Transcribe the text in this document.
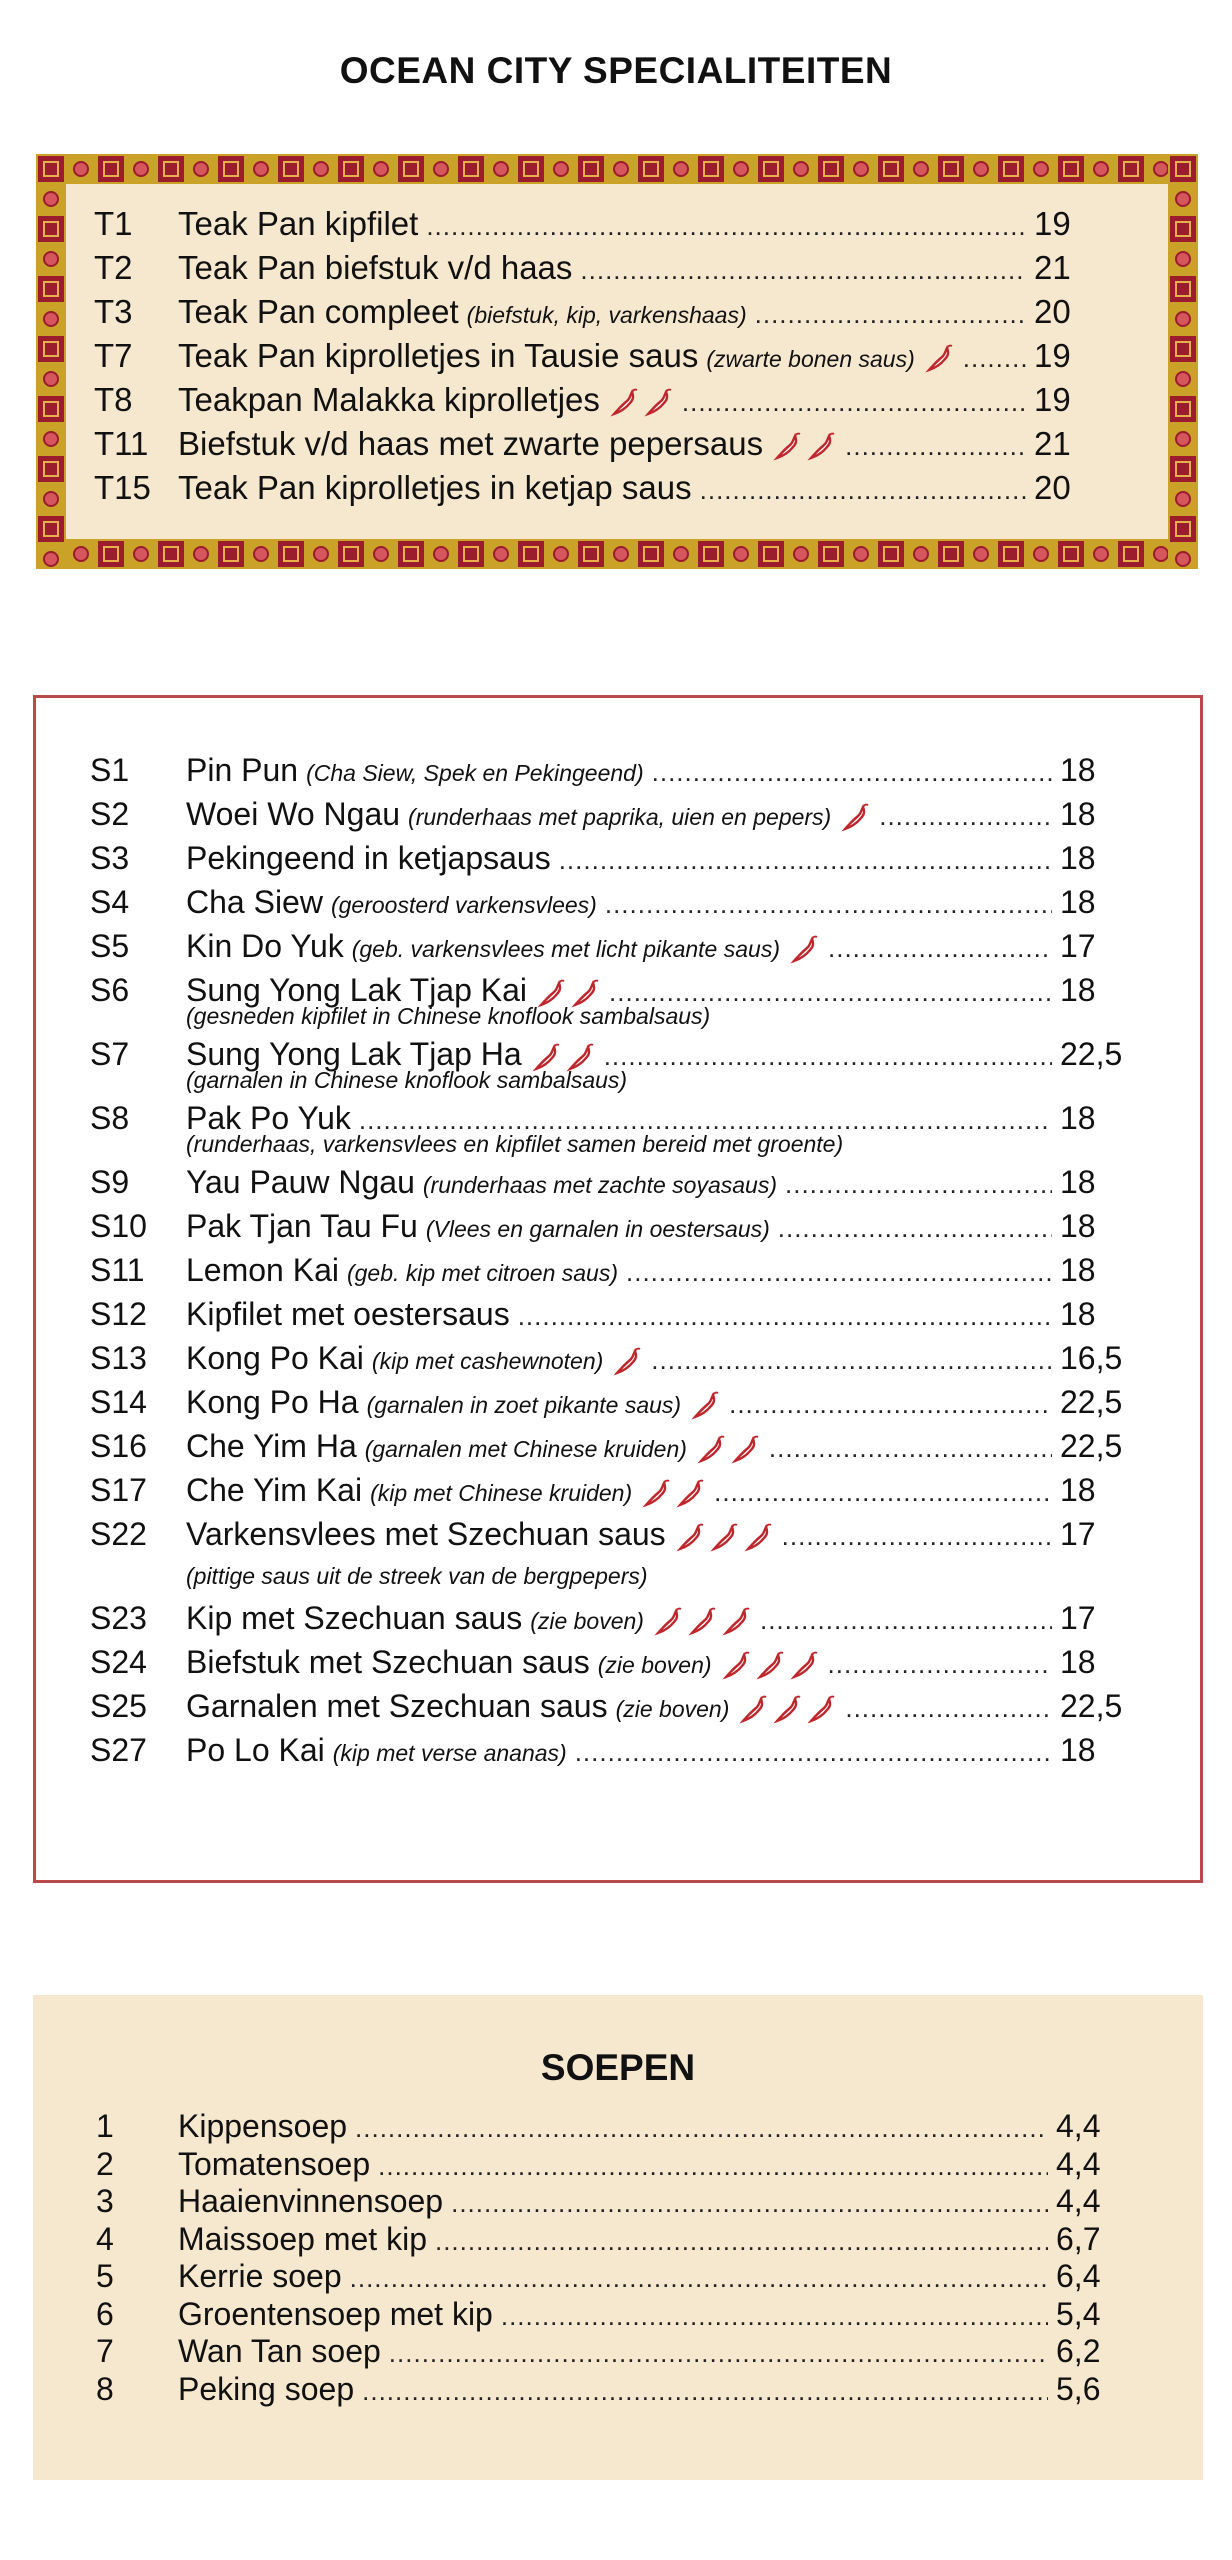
OCEAN CITY SPECIALITEITEN
T1	Teak Pan kipfilet .....	19
T2	Teak Pan biefstuk v/d haas .....	21
T3	Teak Pan compleet (biefstuk, kip, varkenshaas) .....	20
T7	Teak Pan kiprolletjes in Tausie saus (zwarte bonen saus) .....	19
T8	Teakpan Malakka kiprolletjes .....	19
T11 Biefstuk v/d haas met zwarte pepersaus .....	21
T15 Teak Pan kiprolletjes in ketjap saus .....	20
S1	Pin Pun (Cha Siew, Spek en Pekingeend) .....	18
S2	Woei Wo Ngau (runderhaas met paprika, uien en pepers) .....	18
S3	Pekingeend in ketjapsaus .....	18
S4	Cha Siew (geroosterd varkensvlees) .....	18
S5	Kin Do Yuk (geb. varkensvlees met licht pikante saus) .....	17
S6	Sung Yong Lak Tjap Kai .....	18
(gesneden kipfilet in Chinese knoflook sambalsaus)
S7	Sung Yong Lak Tjap Ha .....	22,5
(garnalen in Chinese knoflook sambalsaus)
S8	Pak Po Yuk .....	18
(runderhaas, varkensvlees en kipfilet samen bereid met groente)
S9	Yau Pauw Ngau (runderhaas met zachte soyasaus) .....	18
S10	Pak Tjan Tau Fu (Vlees en garnalen in oestersaus) .....	18
S11	Lemon Kai (geb. kip met citroen saus) .....	18
S12	Kipfilet met oestersaus .....	18
S13	Kong Po Kai (kip met cashewnoten) .....	16,5
S14	Kong Po Ha (garnalen in zoet pikante saus) .....	22,5
S16	Che Yim Ha (garnalen met Chinese kruiden) .....	22,5
S17	Che Yim Kai (kip met Chinese kruiden) .....	18
S22	Varkensvlees met Szechuan saus .....	17
(pittige saus uit de streek van de bergpepers)
S23	Kip met Szechuan saus (zie boven) .....	17
S24	Biefstuk met Szechuan saus (zie boven) .....	18
S25	Garnalen met Szechuan saus (zie boven) .....	22,5
S27	Po Lo Kai (kip met verse ananas) .....	18
SOEPEN
1	Kippensoep .....	4,4
2	Tomatensoep .....	4,4
3	Haaienvinnensoep .....	4,4
4	Maissoep met kip .....	6,7
5	Kerrie soep .....	6,4
6	Groentensoep met kip .....	5,4
7	Wan Tan soep .....	6,2
8	Peking soep .....	5,6
